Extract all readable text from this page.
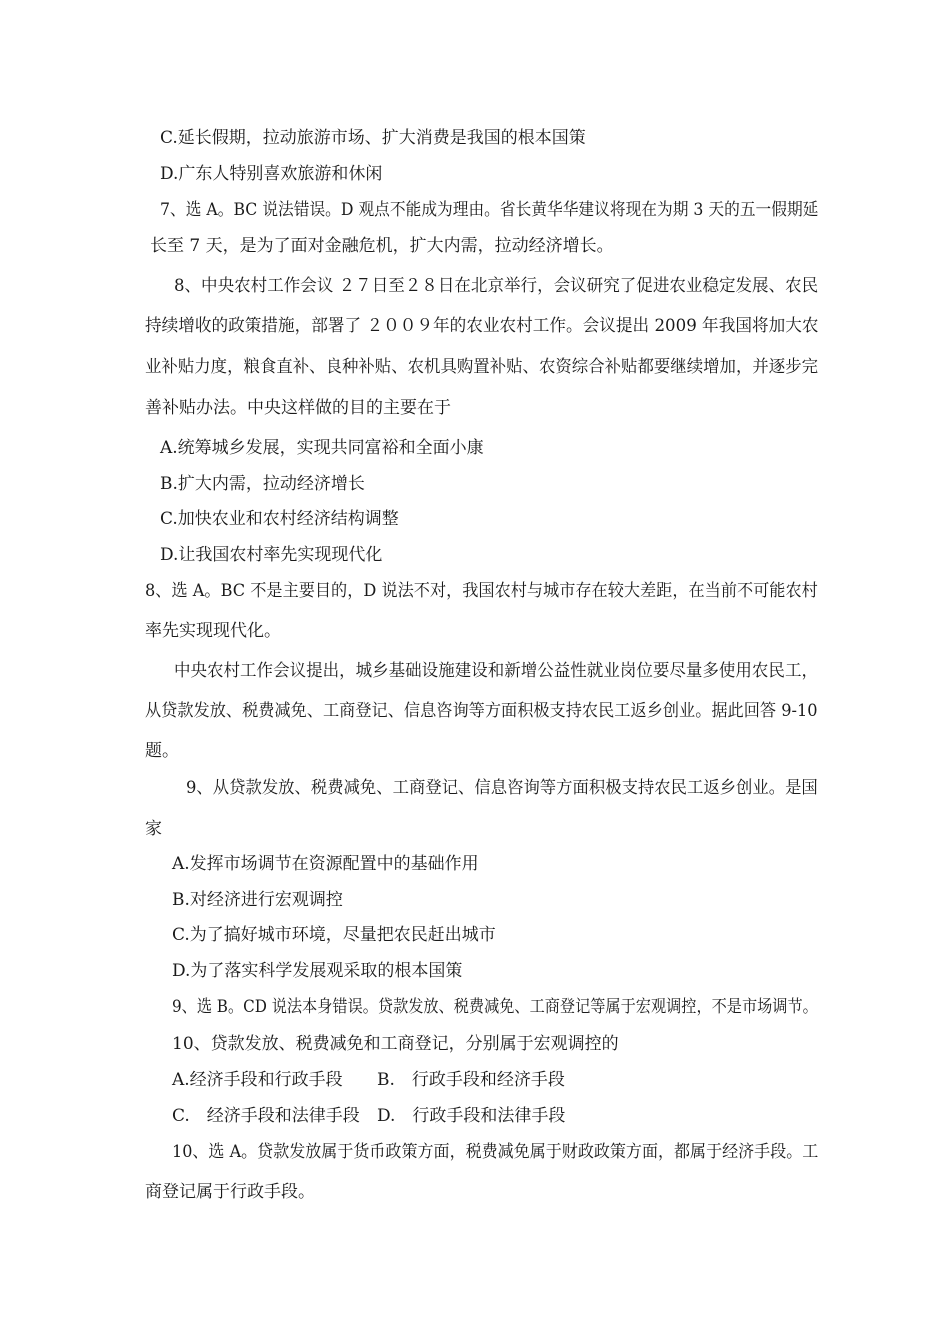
C.延长假期，拉动旅游市场、扩大消费是我国的根本国策
D.广东人特别喜欢旅游和休闲
7、选 A。BC 说法错误。D 观点不能成为理由。省长黄华华建议将现在为期 3 天的五一假期延
长至 7 天，是为了面对金融危机，扩大内需，拉动经济增长。
8、中央农村工作会议 ２７日至２８日在北京举行，会议研究了促进农业稳定发展、农民
持续增收的政策措施，部署了 ２００９年的农业农村工作。会议提出 2009 年我国将加大农
业补贴力度，粮食直补、良种补贴、农机具购置补贴、农资综合补贴都要继续增加，并逐步完
善补贴办法。中央这样做的目的主要在于
A.统筹城乡发展，实现共同富裕和全面小康
B.扩大内需，拉动经济增长
C.加快农业和农村经济结构调整
D.让我国农村率先实现现代化
8、选 A。BC 不是主要目的，D 说法不对，我国农村与城市存在较大差距，在当前不可能农村
率先实现现代化。
中央农村工作会议提出，城乡基础设施建设和新增公益性就业岗位要尽量多使用农民工，
从贷款发放、税费减免、工商登记、信息咨询等方面积极支持农民工返乡创业。据此回答 9-10
题。
9、从贷款发放、税费减免、工商登记、信息咨询等方面积极支持农民工返乡创业。是国
家
A.发挥市场调节在资源配置中的基础作用
B.对经济进行宏观调控
C.为了搞好城市环境，尽量把农民赶出城市
D.为了落实科学发展观采取的根本国策
9、选 B。CD 说法本身错误。贷款发放、税费减免、工商登记等属于宏观调控，不是市场调节。
10、贷款发放、税费减免和工商登记，分别属于宏观调控的
A.经济手段和行政手段 B.　行政手段和经济手段
C.　经济手段和法律手段 D.　行政手段和法律手段
10、选 A。贷款发放属于货币政策方面，税费减免属于财政政策方面，都属于经济手段。工
商登记属于行政手段。
